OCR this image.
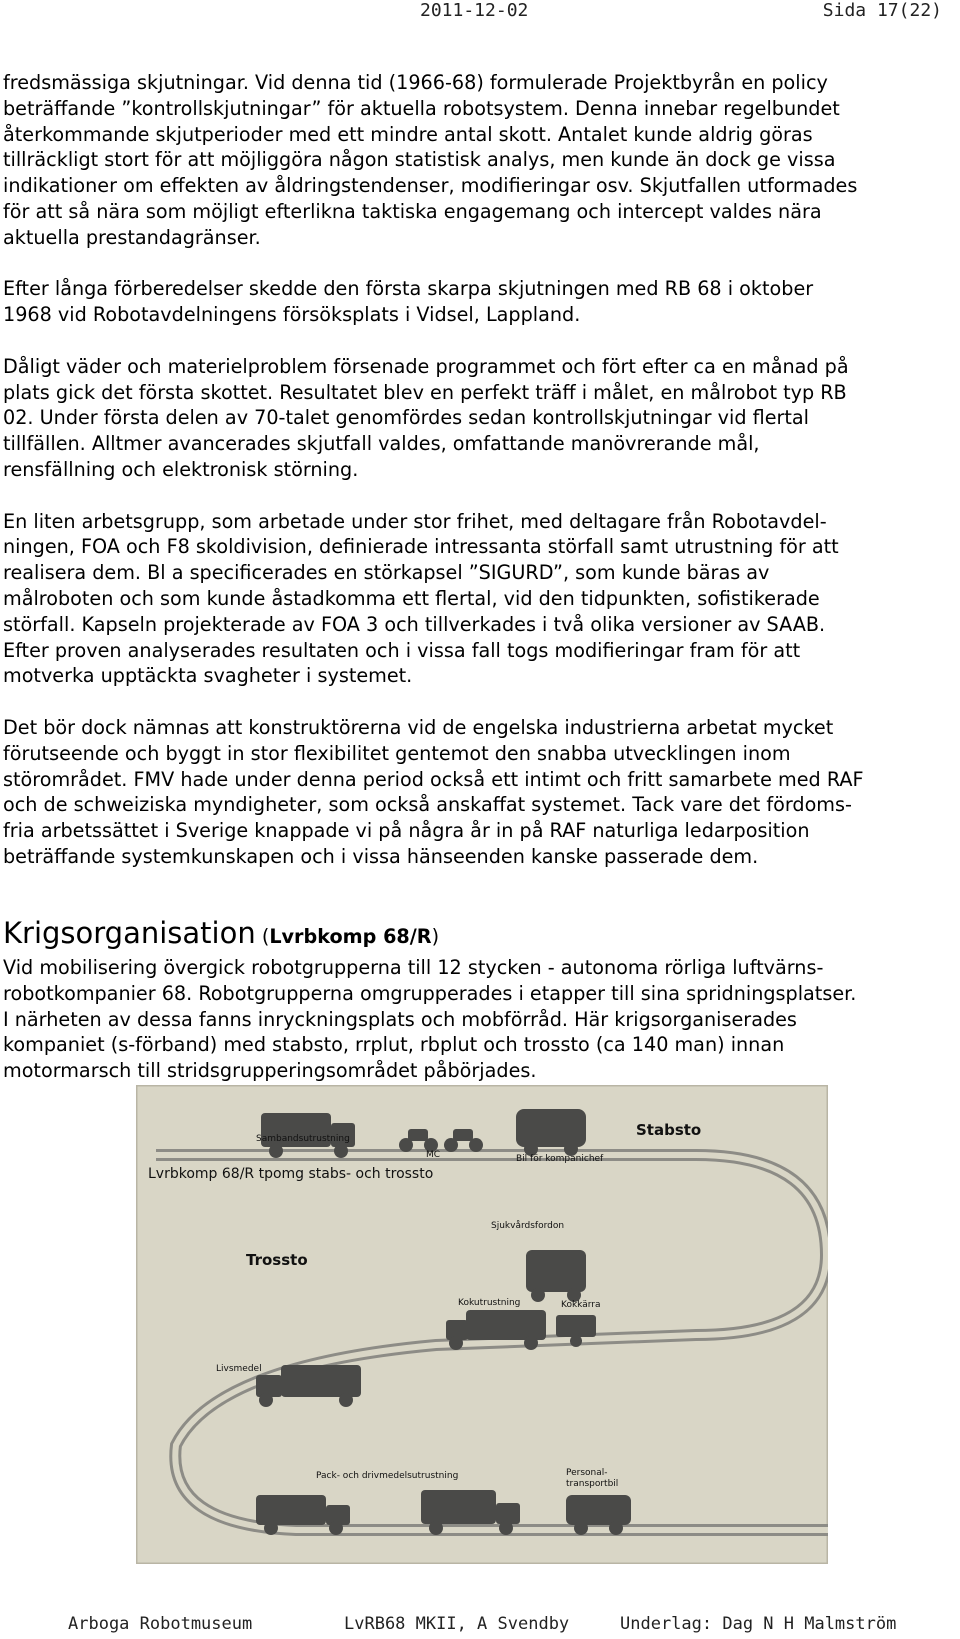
2011-12-02	Sida 17(22)

fredsmässiga skjutningar. Vid denna tid (1966-68) formulerade Projektbyrån en policy
beträffande ”kontrollskjutningar” för aktuella robotsystem. Denna innebar regelbundet
återkommande skjutperioder med ett mindre antal skott. Antalet kunde aldrig göras
tillräckligt stort för att möjliggöra någon statistisk analys, men kunde än dock ge vissa
indikationer om effekten av åldringstendenser, modifieringar osv. Skjutfallen utformades
för att så nära som möjligt efterlikna taktiska engagemang och intercept valdes nära
aktuella prestandagränser.

Efter långa förberedelser skedde den första skarpa skjutningen med RB 68 i oktober
1968 vid Robotavdelningens försöksplats i Vidsel, Lappland.

Dåligt väder och materielproblem försenade programmet och fört efter ca en månad på
plats gick det första skottet. Resultatet blev en perfekt träff i målet, en målrobot typ RB
02. Under första delen av 70-talet genomfördes sedan kontrollskjutningar vid flertal
tillfällen. Alltmer avancerades skjutfall valdes, omfattande manövrerande mål,
rensfällning och elektronisk störning.

En liten arbetsgrupp, som arbetade under stor frihet, med deltagare från Robotavdel-
ningen, FOA och F8 skoldivision, definierade intressanta störfall samt utrustning för att
realisera dem. Bl a specificerades en störkapsel ”SIGURD”, som kunde bäras av
målroboten och som kunde åstadkomma ett flertal, vid den tidpunkten, sofistikerade
störfall. Kapseln projekterade av FOA 3 och tillverkades i två olika versioner av SAAB.
Efter proven analyserades resultaten och i vissa fall togs modifieringar fram för att
motverka upptäckta svagheter i systemet.

Det bör dock nämnas att konstruktörerna vid de engelska industrierna arbetat mycket
förutseende och byggt in stor flexibilitet gentemot den snabba utvecklingen inom
störområdet. FMV hade under denna period också ett intimt och fritt samarbete med RAF
och de schweiziska myndigheter, som också anskaffat systemet. Tack vare det fördoms-
fria arbetssättet i Sverige knappade vi på några år in på RAF naturliga ledarposition
beträffande systemkunskapen och i vissa hänseenden kanske passerade dem.

Krigsorganisation (Lvrbkomp 68/R)

Vid mobilisering övergick robotgrupperna till 12 stycken - autonoma rörliga luftvärns-
robotkompanier 68. Robotgrupperna omgrupperades i etapper till sina spridningsplatser.
I närheten av dessa fanns inryckningsplats och mobförråd. Här krigsorganiserades
kompaniet (s-förband) med stabsto, rrplut, rbplut och trossto (ca 140 man) innan
motormarsch till stridsgrupperingsområdet påbörjades.

Lvrbkomp 68/R tpomg stabs- och trossto
Stabsto
Trossto
Sambandsutrustning
MC	Bil för kompanichef
Sjukvårdsfordon
Kokutrustning	Kokkärra
Livsmedel
Pack- och drivmedelsutrustning	Personal-
transportbil
Arboga Robotmuseum	LvRB68 MKII, A Svendby	Underlag: Dag N H Malmström
